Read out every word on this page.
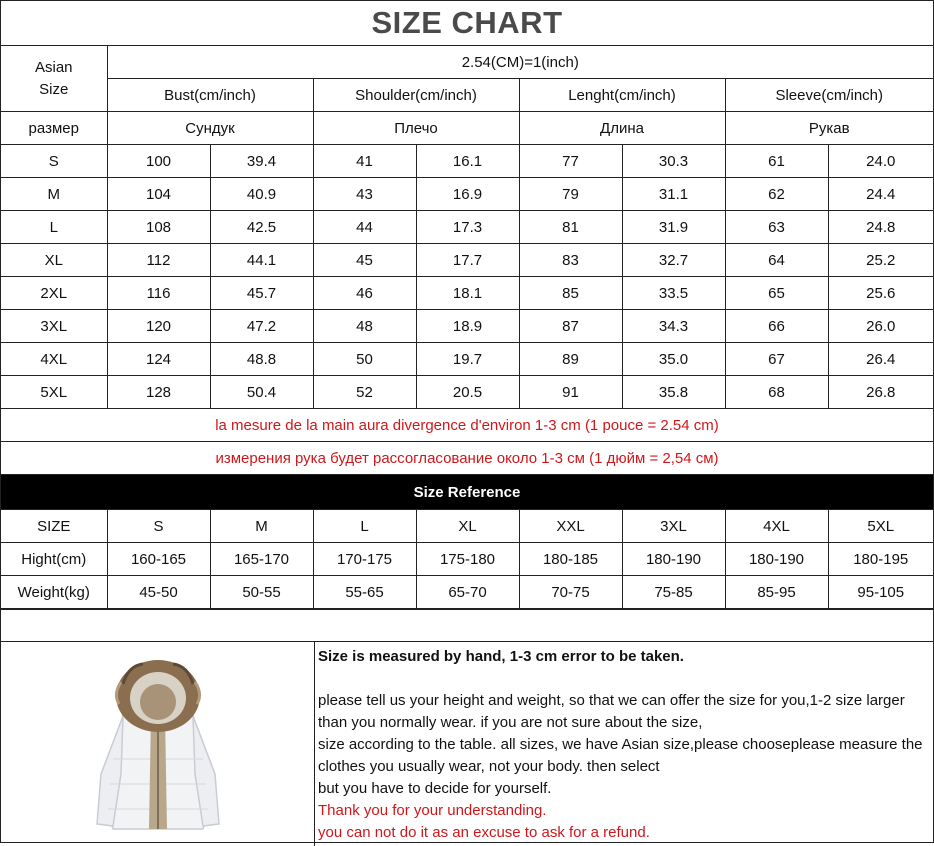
SIZE CHART
Asian Size	2.54(CM)=1(inch)							
	Bust(cm/inch)		Shoulder(cm/inch)		Lenght(cm/inch)		Sleeve(cm/inch)	
размер	Сундук		Плечо		Длина		Рукав	
S	100	39.4	41	16.1	77	30.3	61	24.0
M	104	40.9	43	16.9	79	31.1	62	24.4
L	108	42.5	44	17.3	81	31.9	63	24.8
XL	112	44.1	45	17.7	83	32.7	64	25.2
2XL	116	45.7	46	18.1	85	33.5	65	25.6
3XL	120	47.2	48	18.9	87	34.3	66	26.0
4XL	124	48.8	50	19.7	89	35.0	67	26.4
5XL	128	50.4	52	20.5	91	35.8	68	26.8
la mesure de la main aura divergence d'environ 1-3 cm (1 pouce = 2.54 cm)
измерения рука будет рассогласование около 1-3 см (1 дюйм = 2,54 см)
Size Reference
SIZE	S	M	L	XL	XXL	3XL	4XL	5XL
Hight(cm)	160-165	165-170	170-175	175-180	180-185	180-190	180-190	180-195
Weight(kg)	45-50	50-55	55-65	65-70	70-75	75-85	85-95	95-105
Size is measured by hand, 1-3 cm error to be taken.
please tell us your height and weight, so that we can offer the size for you,1-2 size larger than you normally wear. if you are not sure about the size,
size according to the table. all sizes, we have Asian size,please chooseplease measure the clothes you usually wear, not your body. then select
but you have to decide for yourself.
Thank you for your understanding.
you can not do it as an excuse to ask for a refund.
